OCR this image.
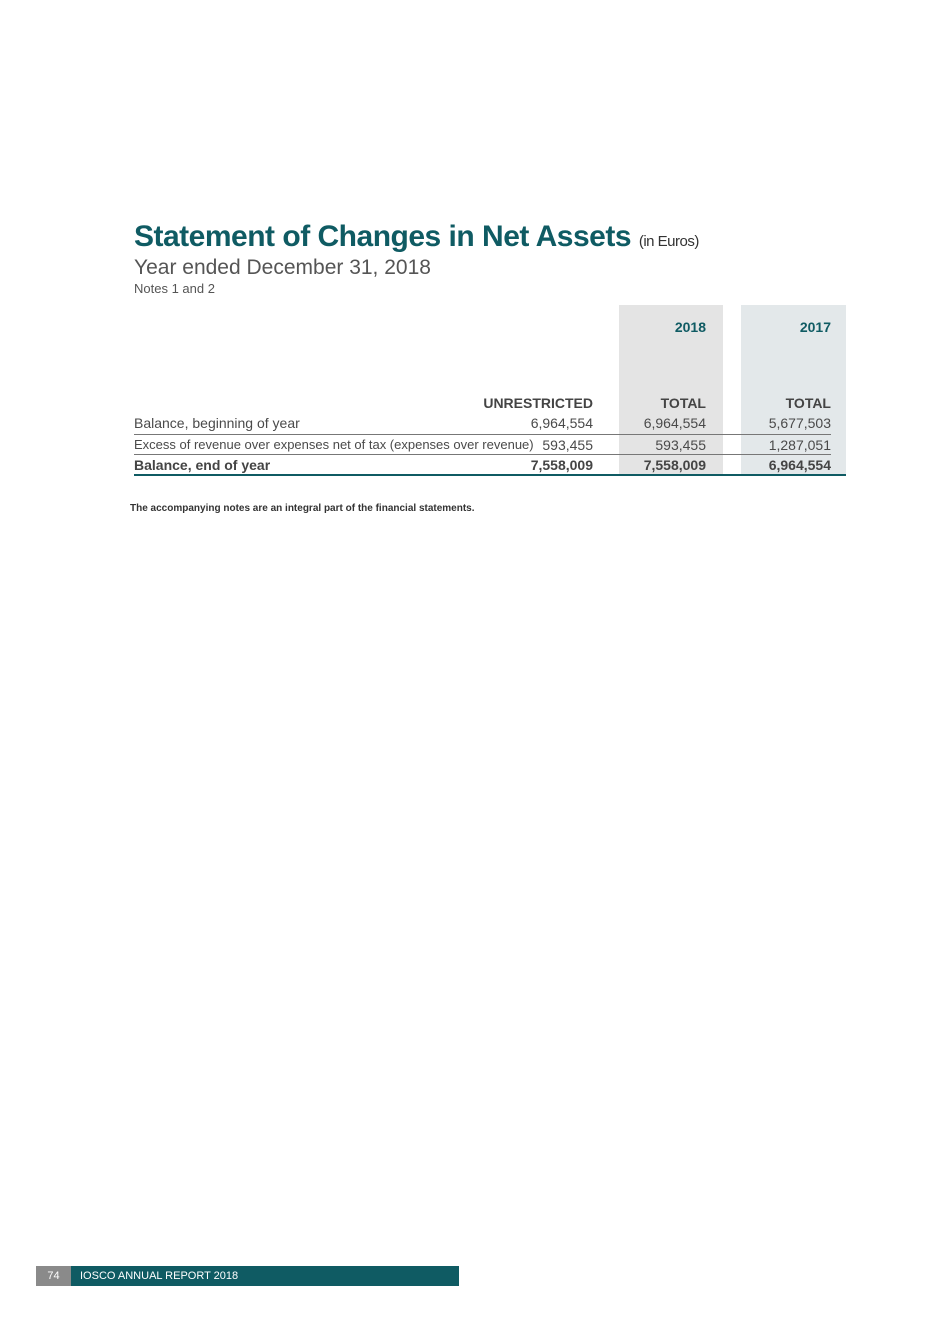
Statement of Changes in Net Assets (in Euros)
Year ended December 31, 2018
Notes 1 and 2
2018	2017
UNRESTRICTED	TOTAL	TOTAL
Balance, beginning of year	6,964,554	6,964,554	5,677,503
Excess of revenue over expenses net of tax (expenses over revenue) 593,455	593,455	1,287,051
Balance, end of year	7,558,009	7,558,009	6,964,554
The accompanying notes are an integral part of the financial statements.
74	IOSCO ANNUAL REPORT 2018
